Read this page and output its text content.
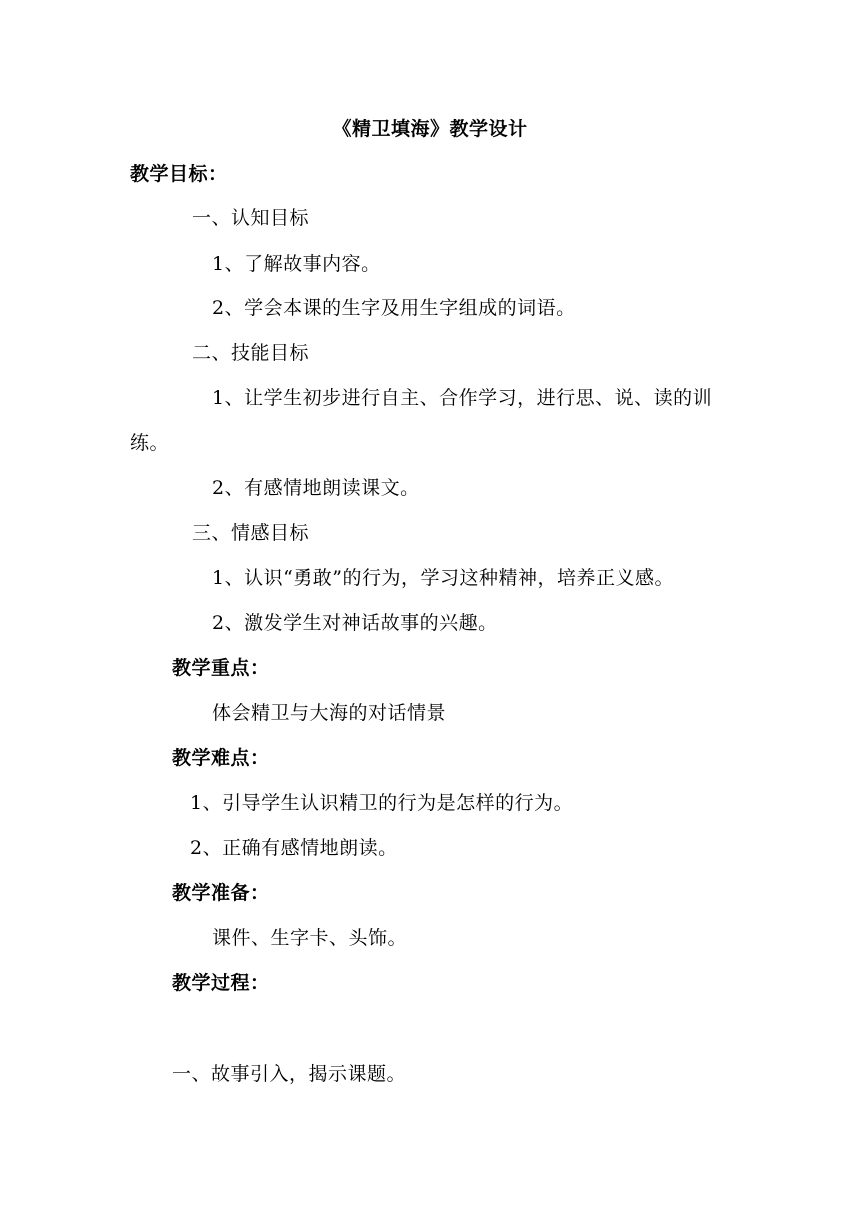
《精卫填海》教学设计
教学目标：
一、认知目标
1、了解故事内容。
2、学会本课的生字及用生字组成的词语。
二、技能目标
1、让学生初步进行自主、合作学习，进行思、说、读的训
练。
2、有感情地朗读课文。
三、情感目标
1、认识“勇敢”的行为，学习这种精神，培养正义感。
2、激发学生对神话故事的兴趣。
教学重点：
体会精卫与大海的对话情景
教学难点：
1、引导学生认识精卫的行为是怎样的行为。
2、正确有感情地朗读。
教学准备：
课件、生字卡、头饰。
教学过程：
一、故事引入，揭示课题。
